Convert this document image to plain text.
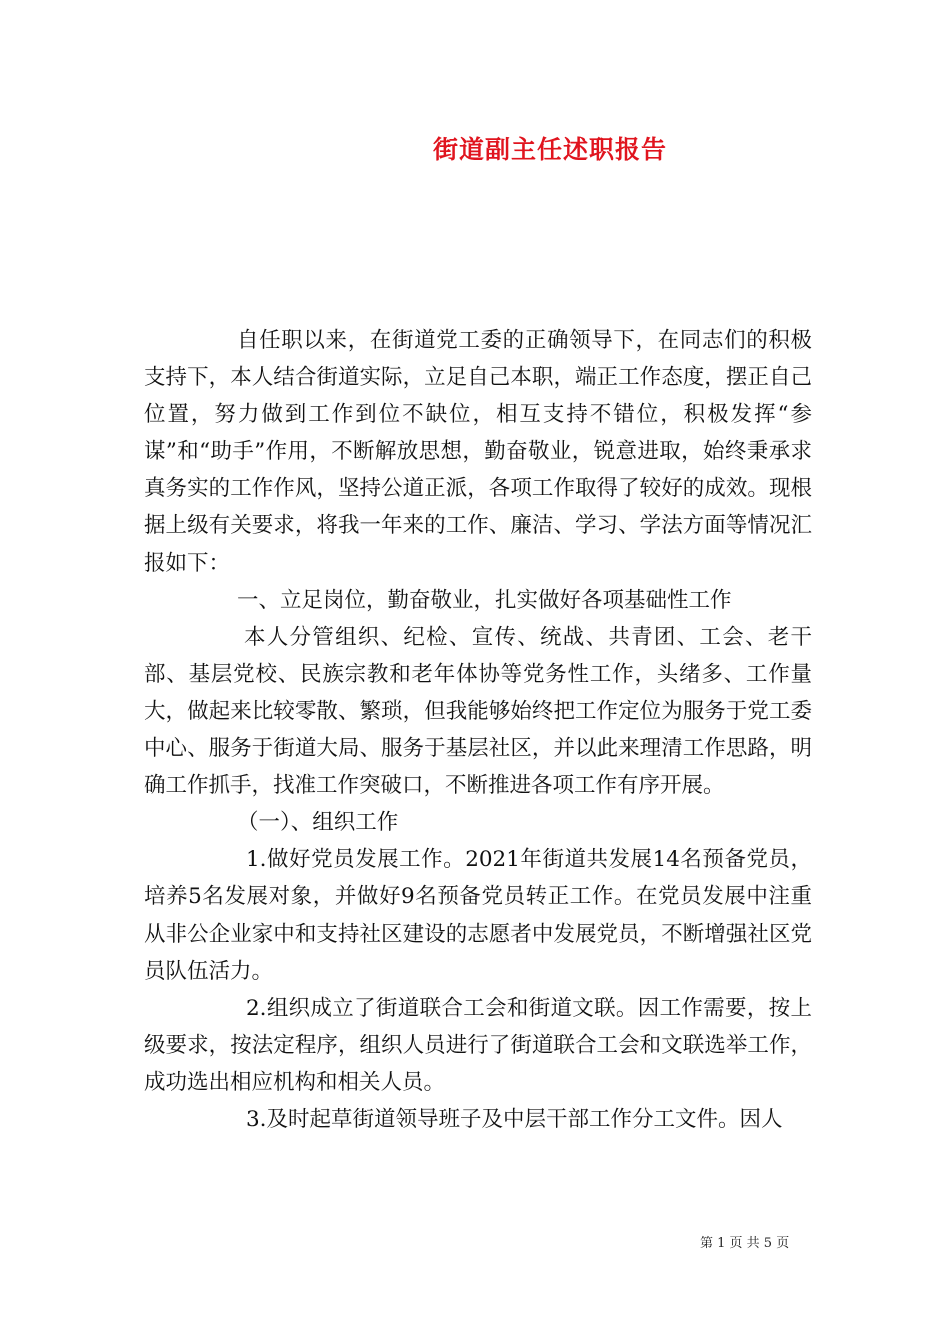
街道副主任述职报告

自任职以来，在街道党工委的正确领导下，在同志们的积极支持下，本人结合街道实际，立足自己本职，端正工作态度，摆正自己位置，努力做到工作到位不缺位，相互支持不错位，积极发挥“参谋”和“助手”作用，不断解放思想，勤奋敬业，锐意进取，始终秉承求真务实的工作作风，坚持公道正派，各项工作取得了较好的成效。现根据上级有关要求，将我一年来的工作、廉洁、学习、学法方面等情况汇报如下：

一、立足岗位，勤奋敬业，扎实做好各项基础性工作

本人分管组织、纪检、宣传、统战、共青团、工会、老干部、基层党校、民族宗教和老年体协等党务性工作，头绪多、工作量大，做起来比较零散、繁琐，但我能够始终把工作定位为服务于党工委中心、服务于街道大局、服务于基层社区，并以此来理清工作思路，明确工作抓手，找准工作突破口，不断推进各项工作有序开展。

（一）、组织工作

1.做好党员发展工作。2021年街道共发展14名预备党员，培养5名发展对象，并做好9名预备党员转正工作。在党员发展中注重从非公企业家中和支持社区建设的志愿者中发展党员，不断增强社区党员队伍活力。

2.组织成立了街道联合工会和街道文联。因工作需要，按上级要求，按法定程序，组织人员进行了街道联合工会和文联选举工作，成功选出相应机构和相关人员。

3.及时起草街道领导班子及中层干部工作分工文件。因人

第 1 页 共 5 页
